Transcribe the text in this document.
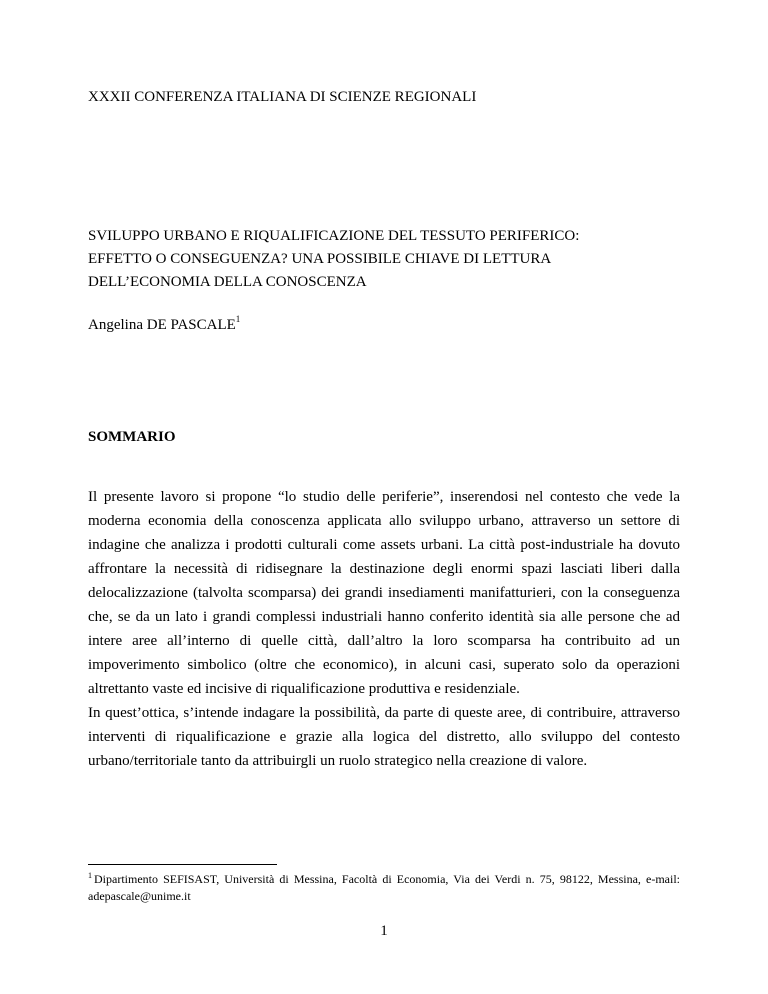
XXXII CONFERENZA ITALIANA DI SCIENZE REGIONALI
SVILUPPO URBANO E RIQUALIFICAZIONE DEL TESSUTO PERIFERICO:
EFFETTO O CONSEGUENZA? UNA POSSIBILE CHIAVE DI LETTURA
DELL’ECONOMIA DELLA CONOSCENZA
Angelina DE PASCALE$^1$
SOMMARIO

Il presente lavoro si propone “lo studio delle periferie”, inserendosi nel contesto che vede la moderna economia della conoscenza applicata allo sviluppo urbano, attraverso un settore di indagine che analizza i prodotti culturali come assets urbani. La città post-industriale ha dovuto affrontare la necessità di ridisegnare la destinazione degli enormi spazi lasciati liberi dalla delocalizzazione (talvolta scomparsa) dei grandi insediamenti manifatturieri, con la conseguenza che, se da un lato i grandi complessi industriali hanno conferito identità sia alle persone che ad intere aree all’interno di quelle città, dall’altro la loro scomparsa ha contribuito ad un impoverimento simbolico (oltre che economico), in alcuni casi, superato solo da operazioni altrettanto vaste ed incisive di riqualificazione produttiva e residenziale.

In quest’ottica, s’intende indagare la possibilità, da parte di queste aree, di contribuire, attraverso interventi di riqualificazione e grazie alla logica del distretto, allo sviluppo del contesto urbano/territoriale tanto da attribuirgli un ruolo strategico nella creazione di valore.

$^1$ Dipartimento SEFISAST, Università di Messina, Facoltà di Economia, Via dei Verdi n. 75, 98122, Messina, e-mail: adepascale@unime.it
1
